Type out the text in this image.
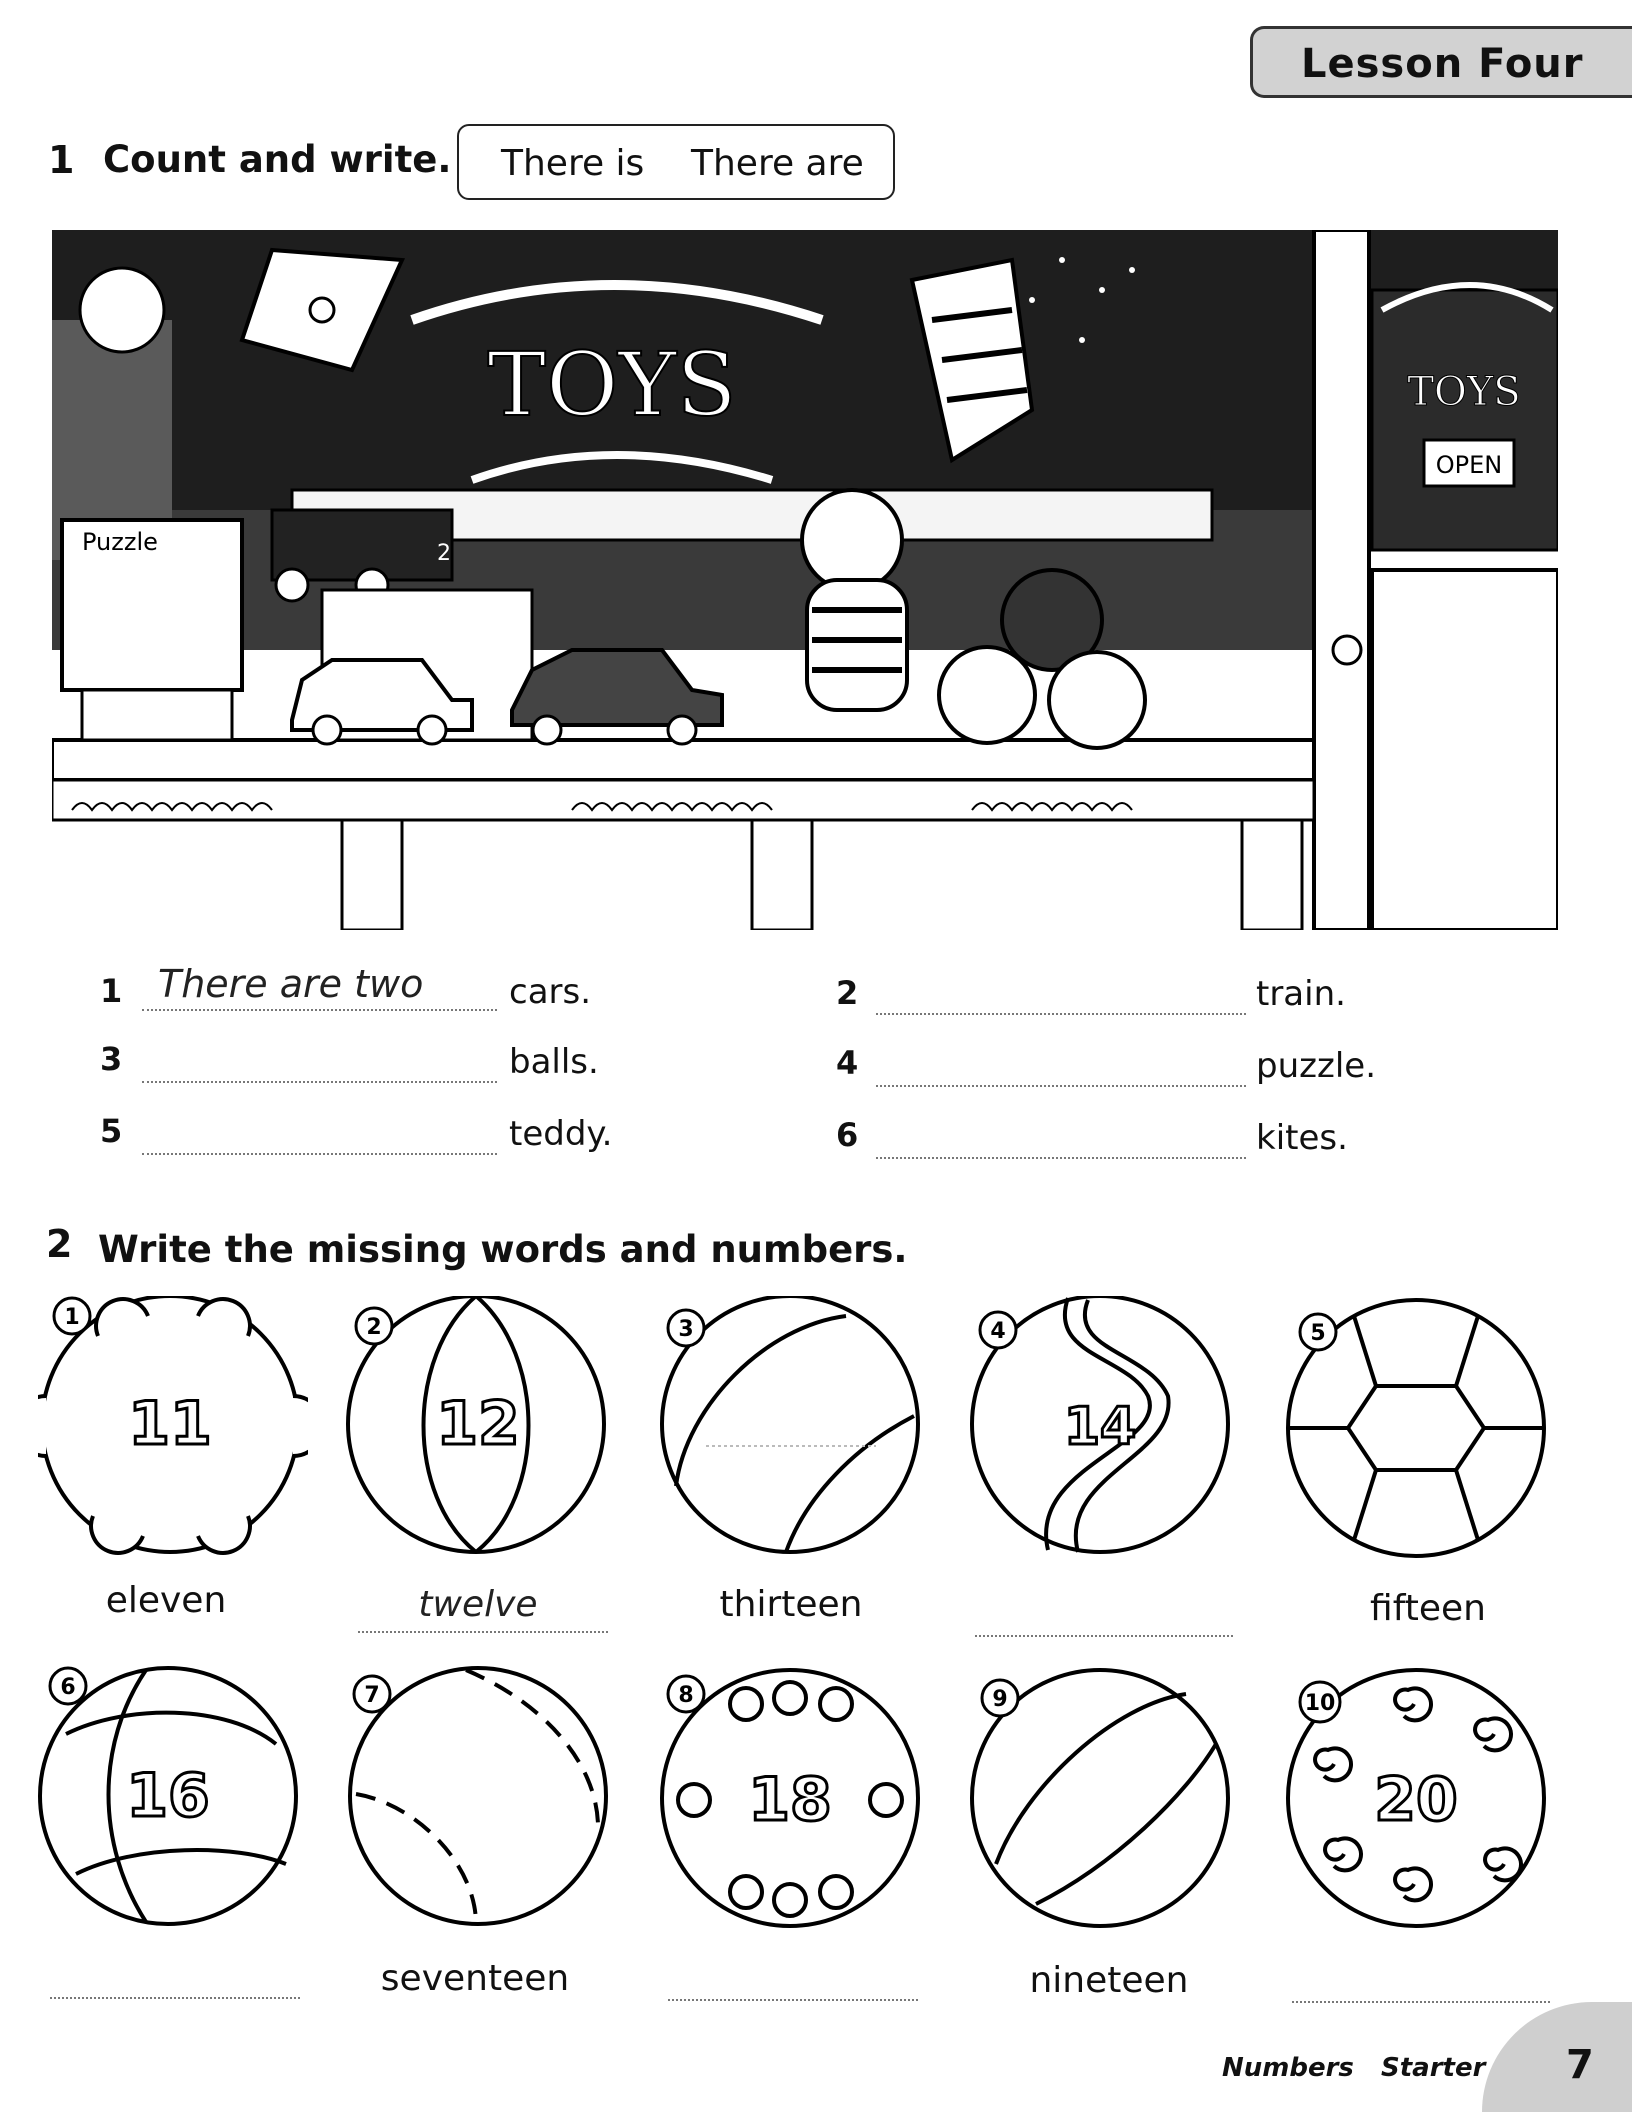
Lesson Four
1 Count and write. There is There are
TOYS	TOYS
OPEN
Puzzle	2
1 There are two	cars.	2	train.
3	balls.	4	puzzle.
5	teddy.	6	kites.
2 Write the missing words and numbers.
11
1
12
2	3
14
4	5
eleven	twelve	thirteen	fifteen
16
6	7
18
8	9
20
10
seventeen	nineteen
Numbers Starter 7
